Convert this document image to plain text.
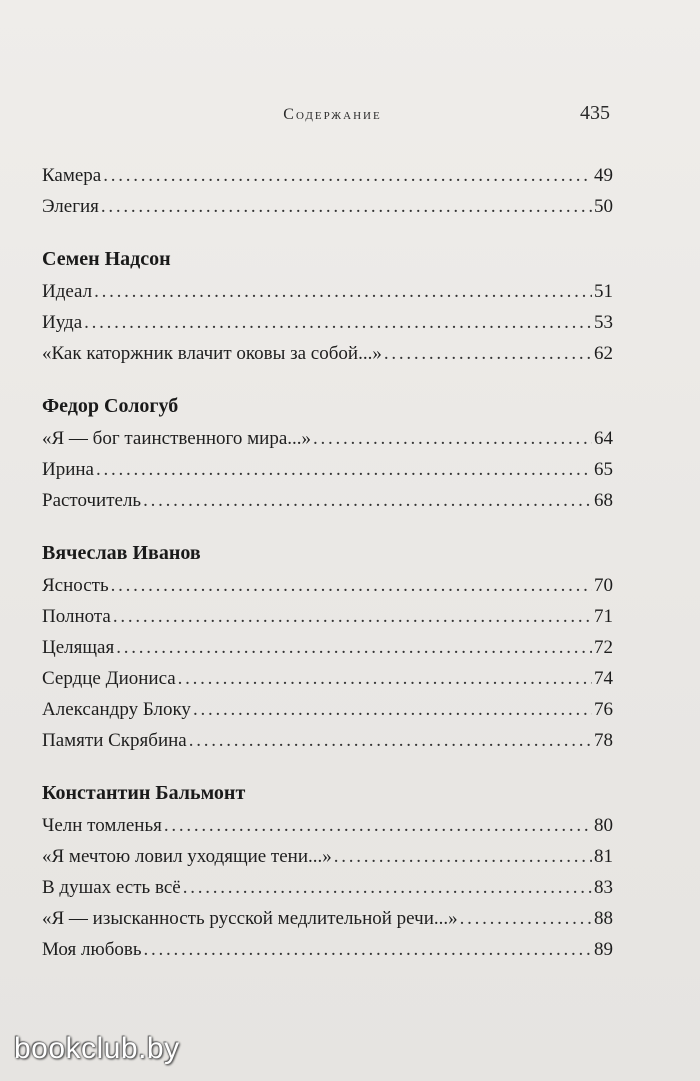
Содержание	435
Камера . . .	49
Элегия . . .	50
Семен Надсон
Идеал . . .	51
Иуда . . .	53
«Как каторжник влачит оковы за собой...» . . .	62
Федор Сологуб
«Я — бог таинственного мира...» . . .	64
Ирина . . .	65
Расточитель . . .	68
Вячеслав Иванов
Ясность . . .	70
Полнота . . .	71
Целящая . . .	72
Сердце Диониса . . .	74
Александру Блоку . . .	76
Памяти Скрябина . . .	78
Константин Бальмонт
Челн томленья . . .	80
«Я мечтою ловил уходящие тени...» . . .	81
В душах есть всё . . .	83
«Я — изысканность русской медлительной речи...» . . .	88
Моя любовь . . .	89
bookclub.by
